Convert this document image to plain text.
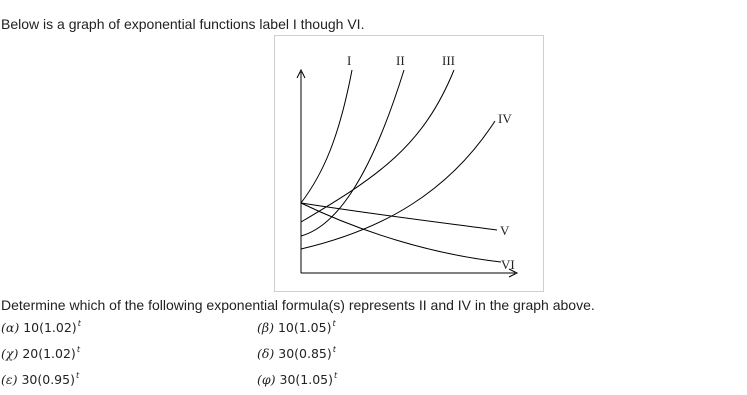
Below is a graph of exponential functions label I though VI.
I	II	III
IV
V
VI
Determine which of the following exponential formula(s) represents II and IV in the graph above.
(α) $10(1.02)^t$	(β) $10(1.05)^t$
(χ) $20(1.02)^t$	(δ) $30(0.85)^t$
(ε) $30(0.95)^t$	(φ) $30(1.05)^t$
